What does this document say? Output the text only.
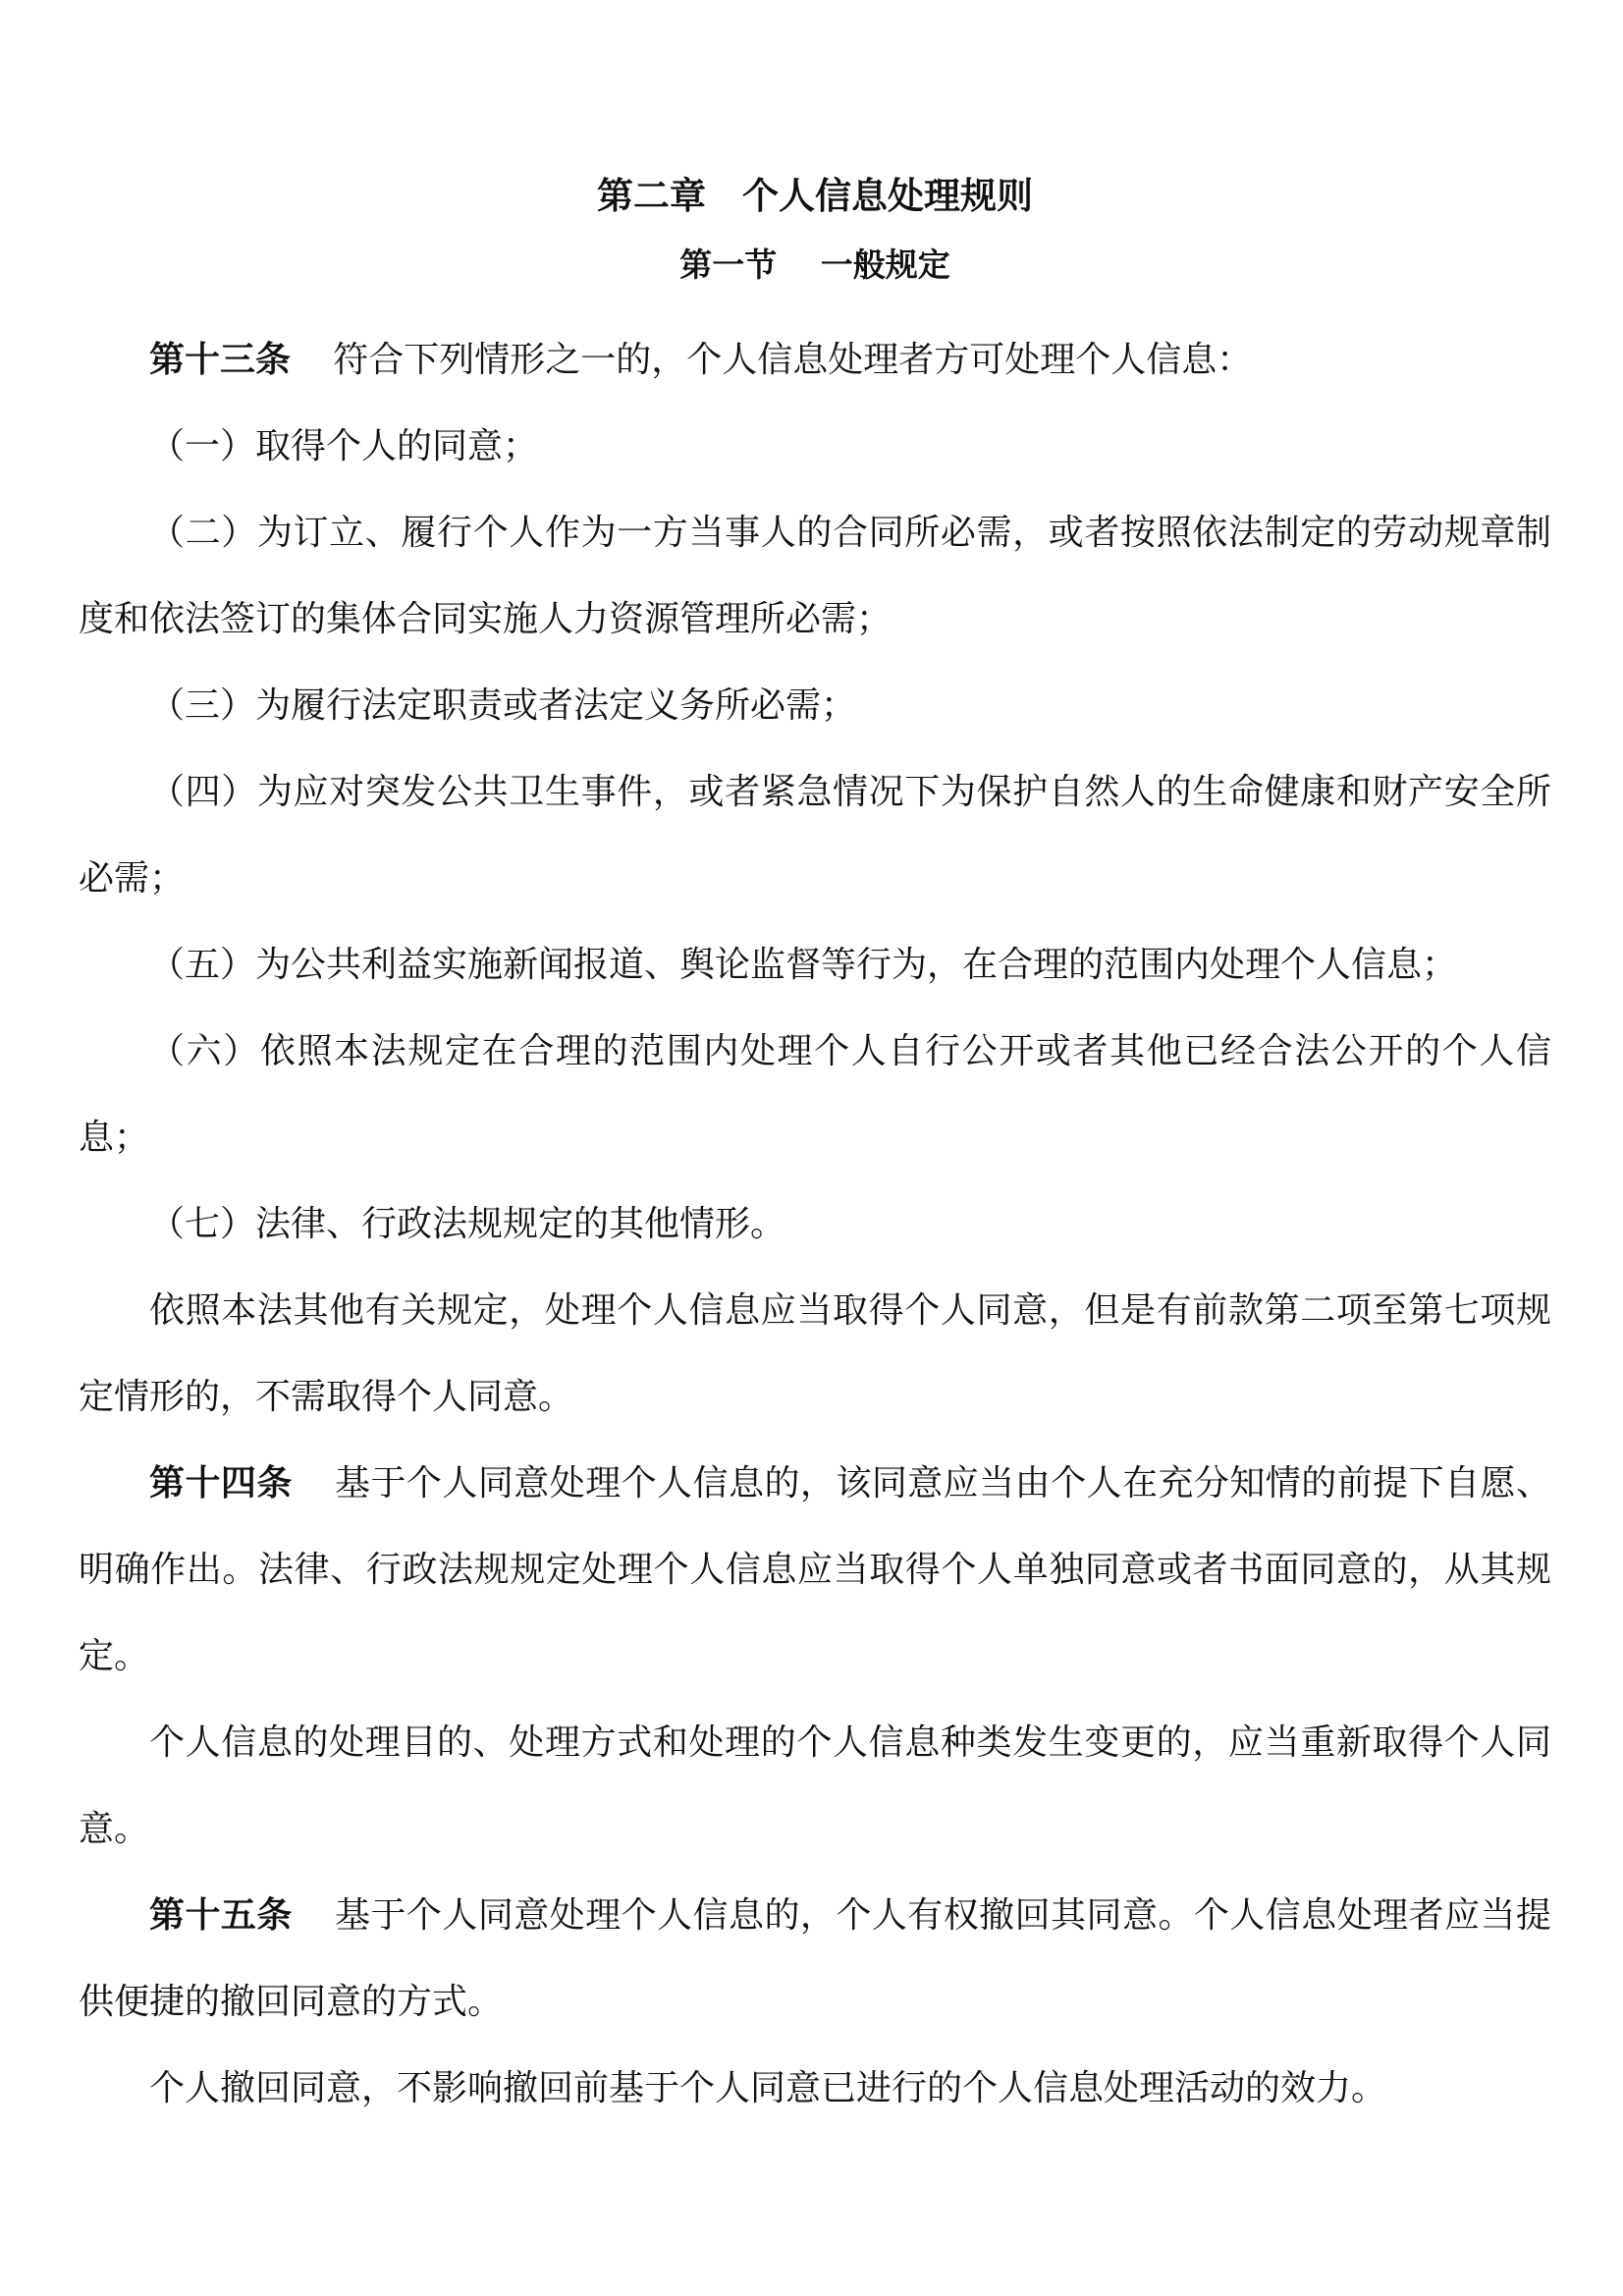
第二章　个人信息处理规则
第一节　 一般规定

第十三条 符合下列情形之一的，个人信息处理者方可处理个人信息：

（一）取得个人的同意；

（二）为订立、履行个人作为一方当事人的合同所必需，或者按照依法制定的劳动规章制度和依法签订的集体合同实施人力资源管理所必需；

（三）为履行法定职责或者法定义务所必需；

（四）为应对突发公共卫生事件，或者紧急情况下为保护自然人的生命健康和财产安全所必需；

（五）为公共利益实施新闻报道、舆论监督等行为，在合理的范围内处理个人信息；

（六）依照本法规定在合理的范围内处理个人自行公开或者其他已经合法公开的个人信息；

（七）法律、行政法规规定的其他情形。

依照本法其他有关规定，处理个人信息应当取得个人同意，但是有前款第二项至第七项规定情形的，不需取得个人同意。

第十四条 基于个人同意处理个人信息的，该同意应当由个人在充分知情的前提下自愿、明确作出。法律、行政法规规定处理个人信息应当取得个人单独同意或者书面同意的，从其规定。

个人信息的处理目的、处理方式和处理的个人信息种类发生变更的，应当重新取得个人同意。

第十五条 基于个人同意处理个人信息的，个人有权撤回其同意。个人信息处理者应当提供便捷的撤回同意的方式。

个人撤回同意，不影响撤回前基于个人同意已进行的个人信息处理活动的效力。
